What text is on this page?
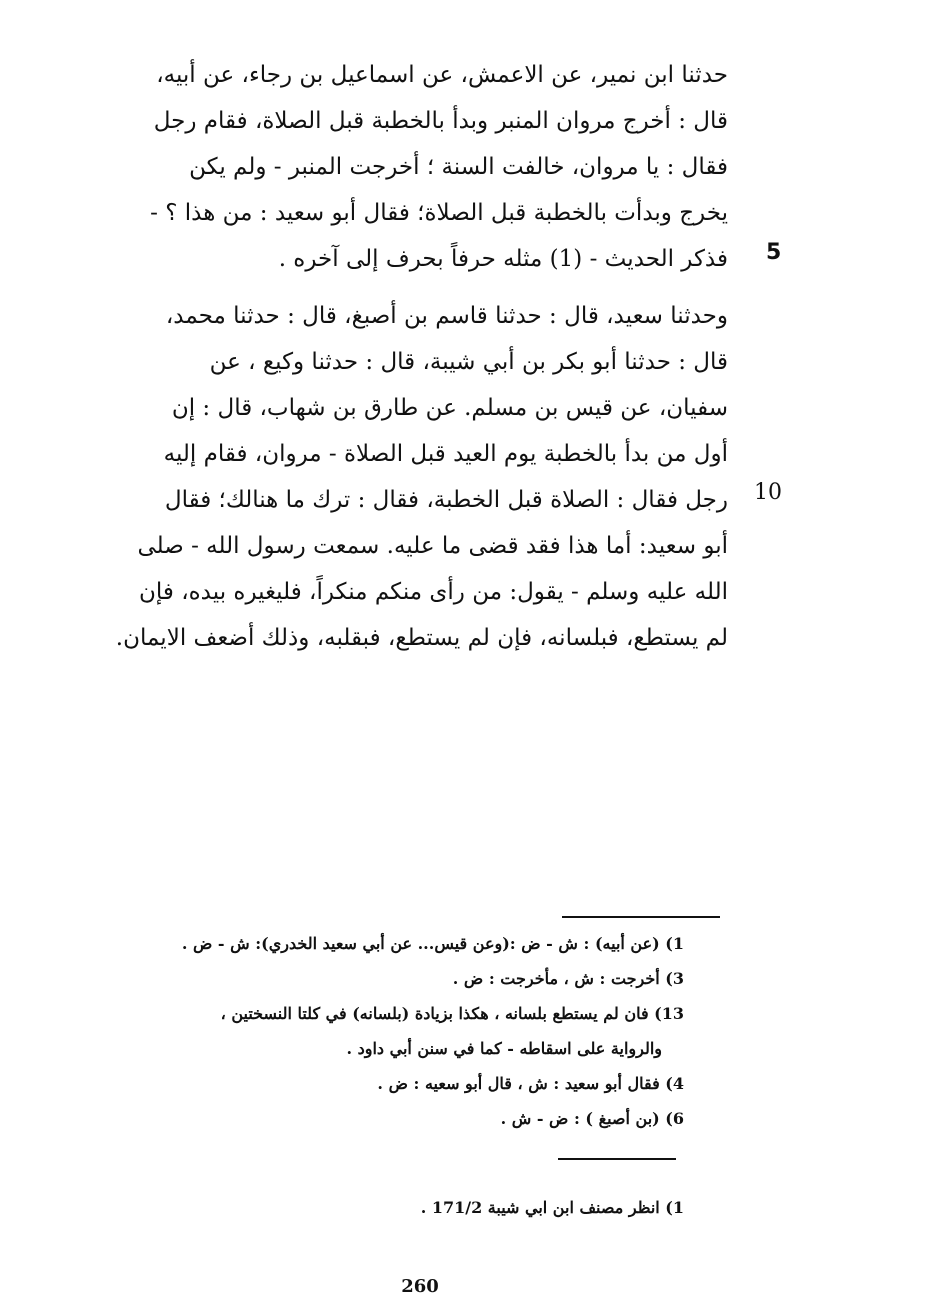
حدثنا ابن نمير، عن الاعمش، عن اسماعيل بن رجاء، عن أبيه،
قال : أخرج مروان المنبر وبدأ بالخطبة قبل الصلاة، فقام رجل
فقال : يا مروان، خالفت السنة ؛ أخرجت المنبر - ولم يكن
يخرج وبدأت بالخطبة قبل الصلاة؛ فقال أبو سعيد : من هذا ؟ -
فذكر الحديث - (1) مثله حرفاً بحرف إلى آخره . 5
وحدثنا سعيد، قال : حدثنا قاسم بن أصبغ، قال : حدثنا محمد،
قال : حدثنا أبو بكر بن أبي شيبة، قال : حدثنا وكيع ، عن
سفيان، عن قيس بن مسلم. عن طارق بن شهاب، قال : إن
أول من بدأ بالخطبة يوم العيد قبل الصلاة - مروان، فقام إليه
رجل فقال : الصلاة قبل الخطبة، فقال : ترك ما هنالك؛ فقال
أبو سعيد: أما هذا فقد قضى ما عليه. سمعت رسول الله - صلى
الله عليه وسلم - يقول: من رأى منكم منكراً، فليغيره بيده، فإن
لم يستطع، فبلسانه، فإن لم يستطع، فبقلبه، وذلك أضعف الايمان.
10
1) (عن أبيه) : ش - ض :(وعن قيس... عن أبي سعيد الخدري): ش - ض .
3) أخرجت : ش ، مأخرجت : ض .
13) فان لم يستطع بلسانه ، هكذا بزيادة (بلسانه) في كلتا النسختين ،
والرواية على اسقاطه - كما في سنن أبي داود .
4) فقال أبو سعيد : ش ، قال أبو سعيه : ض .
6) (بن أصبغ ) : ض - ش .
1) انظر مصنف ابن ابي شيبة 171/2 .
260
